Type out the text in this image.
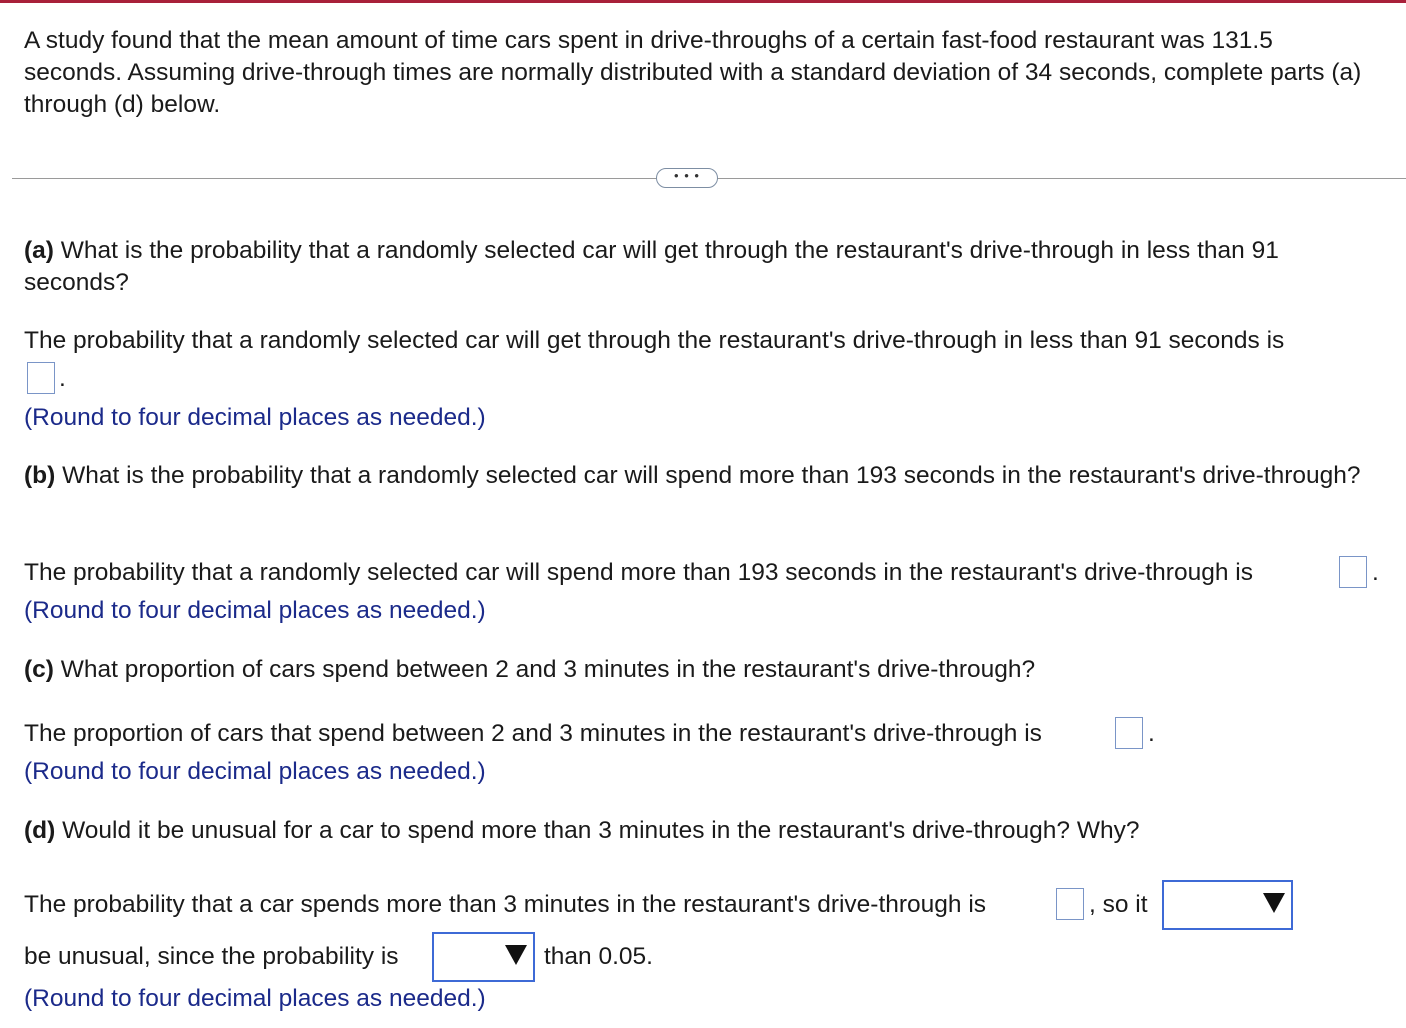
A study found that the mean amount of time cars spent in drive-throughs of a certain fast-food restaurant was 131.5 seconds. Assuming drive-through times are normally distributed with a standard deviation of 34 seconds, complete parts (a) through (d) below.
• • •
(a) What is the probability that a randomly selected car will get through the restaurant's drive-through in less than 91 seconds?
The probability that a randomly selected car will get through the restaurant's drive-through in less than 91 seconds is
.
(Round to four decimal places as needed.)
(b) What is the probability that a randomly selected car will spend more than 193 seconds in the restaurant's drive-through?
The probability that a randomly selected car will spend more than 193 seconds in the restaurant's drive-through is	.
(Round to four decimal places as needed.)
(c) What proportion of cars spend between 2 and 3 minutes in the restaurant's drive-through?
The proportion of cars that spend between 2 and 3 minutes in the restaurant's drive-through is	.
(Round to four decimal places as needed.)
(d) Would it be unusual for a car to spend more than 3 minutes in the restaurant's drive-through? Why?
The probability that a car spends more than 3 minutes in the restaurant's drive-through is	, so it
be unusual, since the probability is	than 0.05.
(Round to four decimal places as needed.)
